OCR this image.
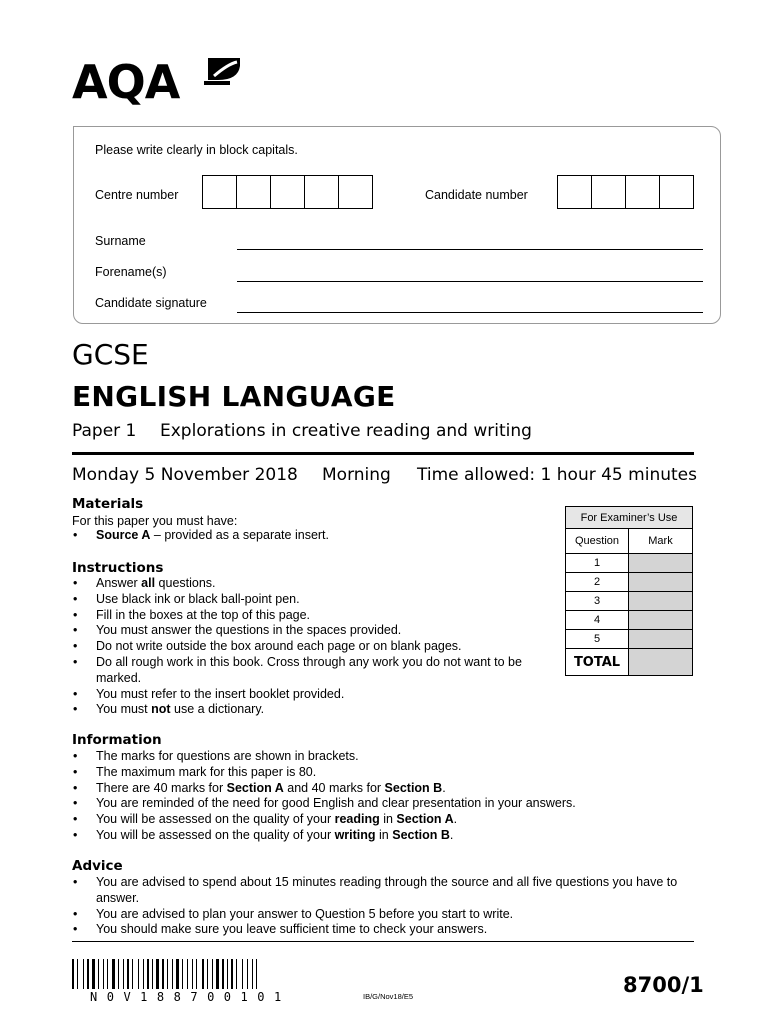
AQA
Please write clearly in block capitals.
Centre number	Candidate number
Surname
Forename(s)
Candidate signature
GCSE
ENGLISH LANGUAGE
Paper 1 Explorations in creative reading and writing
Monday 5 November 2018 Morning Time allowed: 1 hour 45 minutes
Materials
For this paper you must have:
• Source A – provided as a separate insert.
Instructions
• Answer all questions.
• Use black ink or black ball-point pen.
• Fill in the boxes at the top of this page.
• You must answer the questions in the spaces provided.
• Do not write outside the box around each page or on blank pages.
• Do all rough work in this book. Cross through any work you do not want to be marked.
• You must refer to the insert booklet provided.
• You must not use a dictionary.
For Examiner’s Use	
Question	Mark
1	
2	
3	
4	
5	
TOTAL	
Information
• The marks for questions are shown in brackets.
• The maximum mark for this paper is 80.
• There are 40 marks for Section A and 40 marks for Section B.
• You are reminded of the need for good English and clear presentation in your answers.
• You will be assessed on the quality of your reading in Section A.
• You will be assessed on the quality of your writing in Section B.
Advice
• You are advised to spend about 15 minutes reading through the source and all five questions you have to answer.
• You are advised to plan your answer to Question 5 before you start to write.
• You should make sure you leave sufficient time to check your answers.
N0V188700101	IB/G/Nov18/E5	8700/1
